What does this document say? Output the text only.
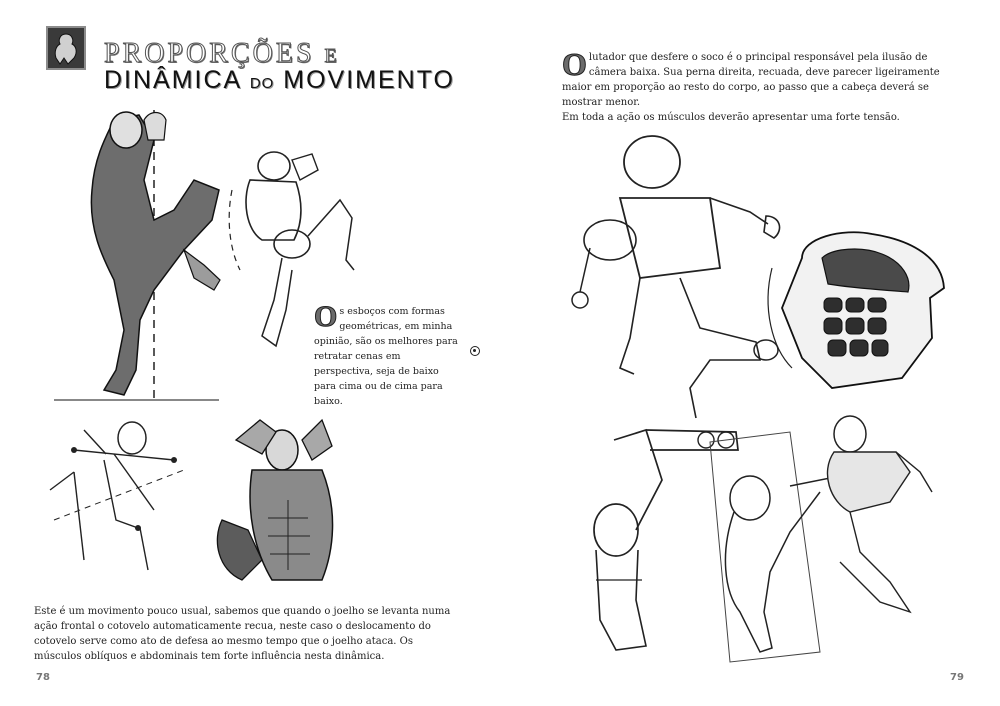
PROPORÇÕES E
DINÂMICA DO MOVIMENTO
O s esboços com formas geométricas, em minha opinião, são os melhores para retratar cenas em perspectiva, seja de baixo para cima ou de cima para baixo.
Este é um movimento pouco usual, sabemos que quando o joelho se levanta numa ação frontal o cotovelo automaticamente recua, neste caso o deslocamento do cotovelo serve como ato de defesa ao mesmo tempo que o joelho ataca. Os músculos oblíquos e abdominais tem forte influência nesta dinâmica.
78
O lutador que desfere o soco é o principal responsável pela ilusão de câmera baixa. Sua perna direita, recuada, deve parecer ligeiramente maior em proporção ao resto do corpo, ao passo que a cabeça deverá se mostrar menor.
Em toda a ação os músculos deverão apresentar uma forte tensão.
79
